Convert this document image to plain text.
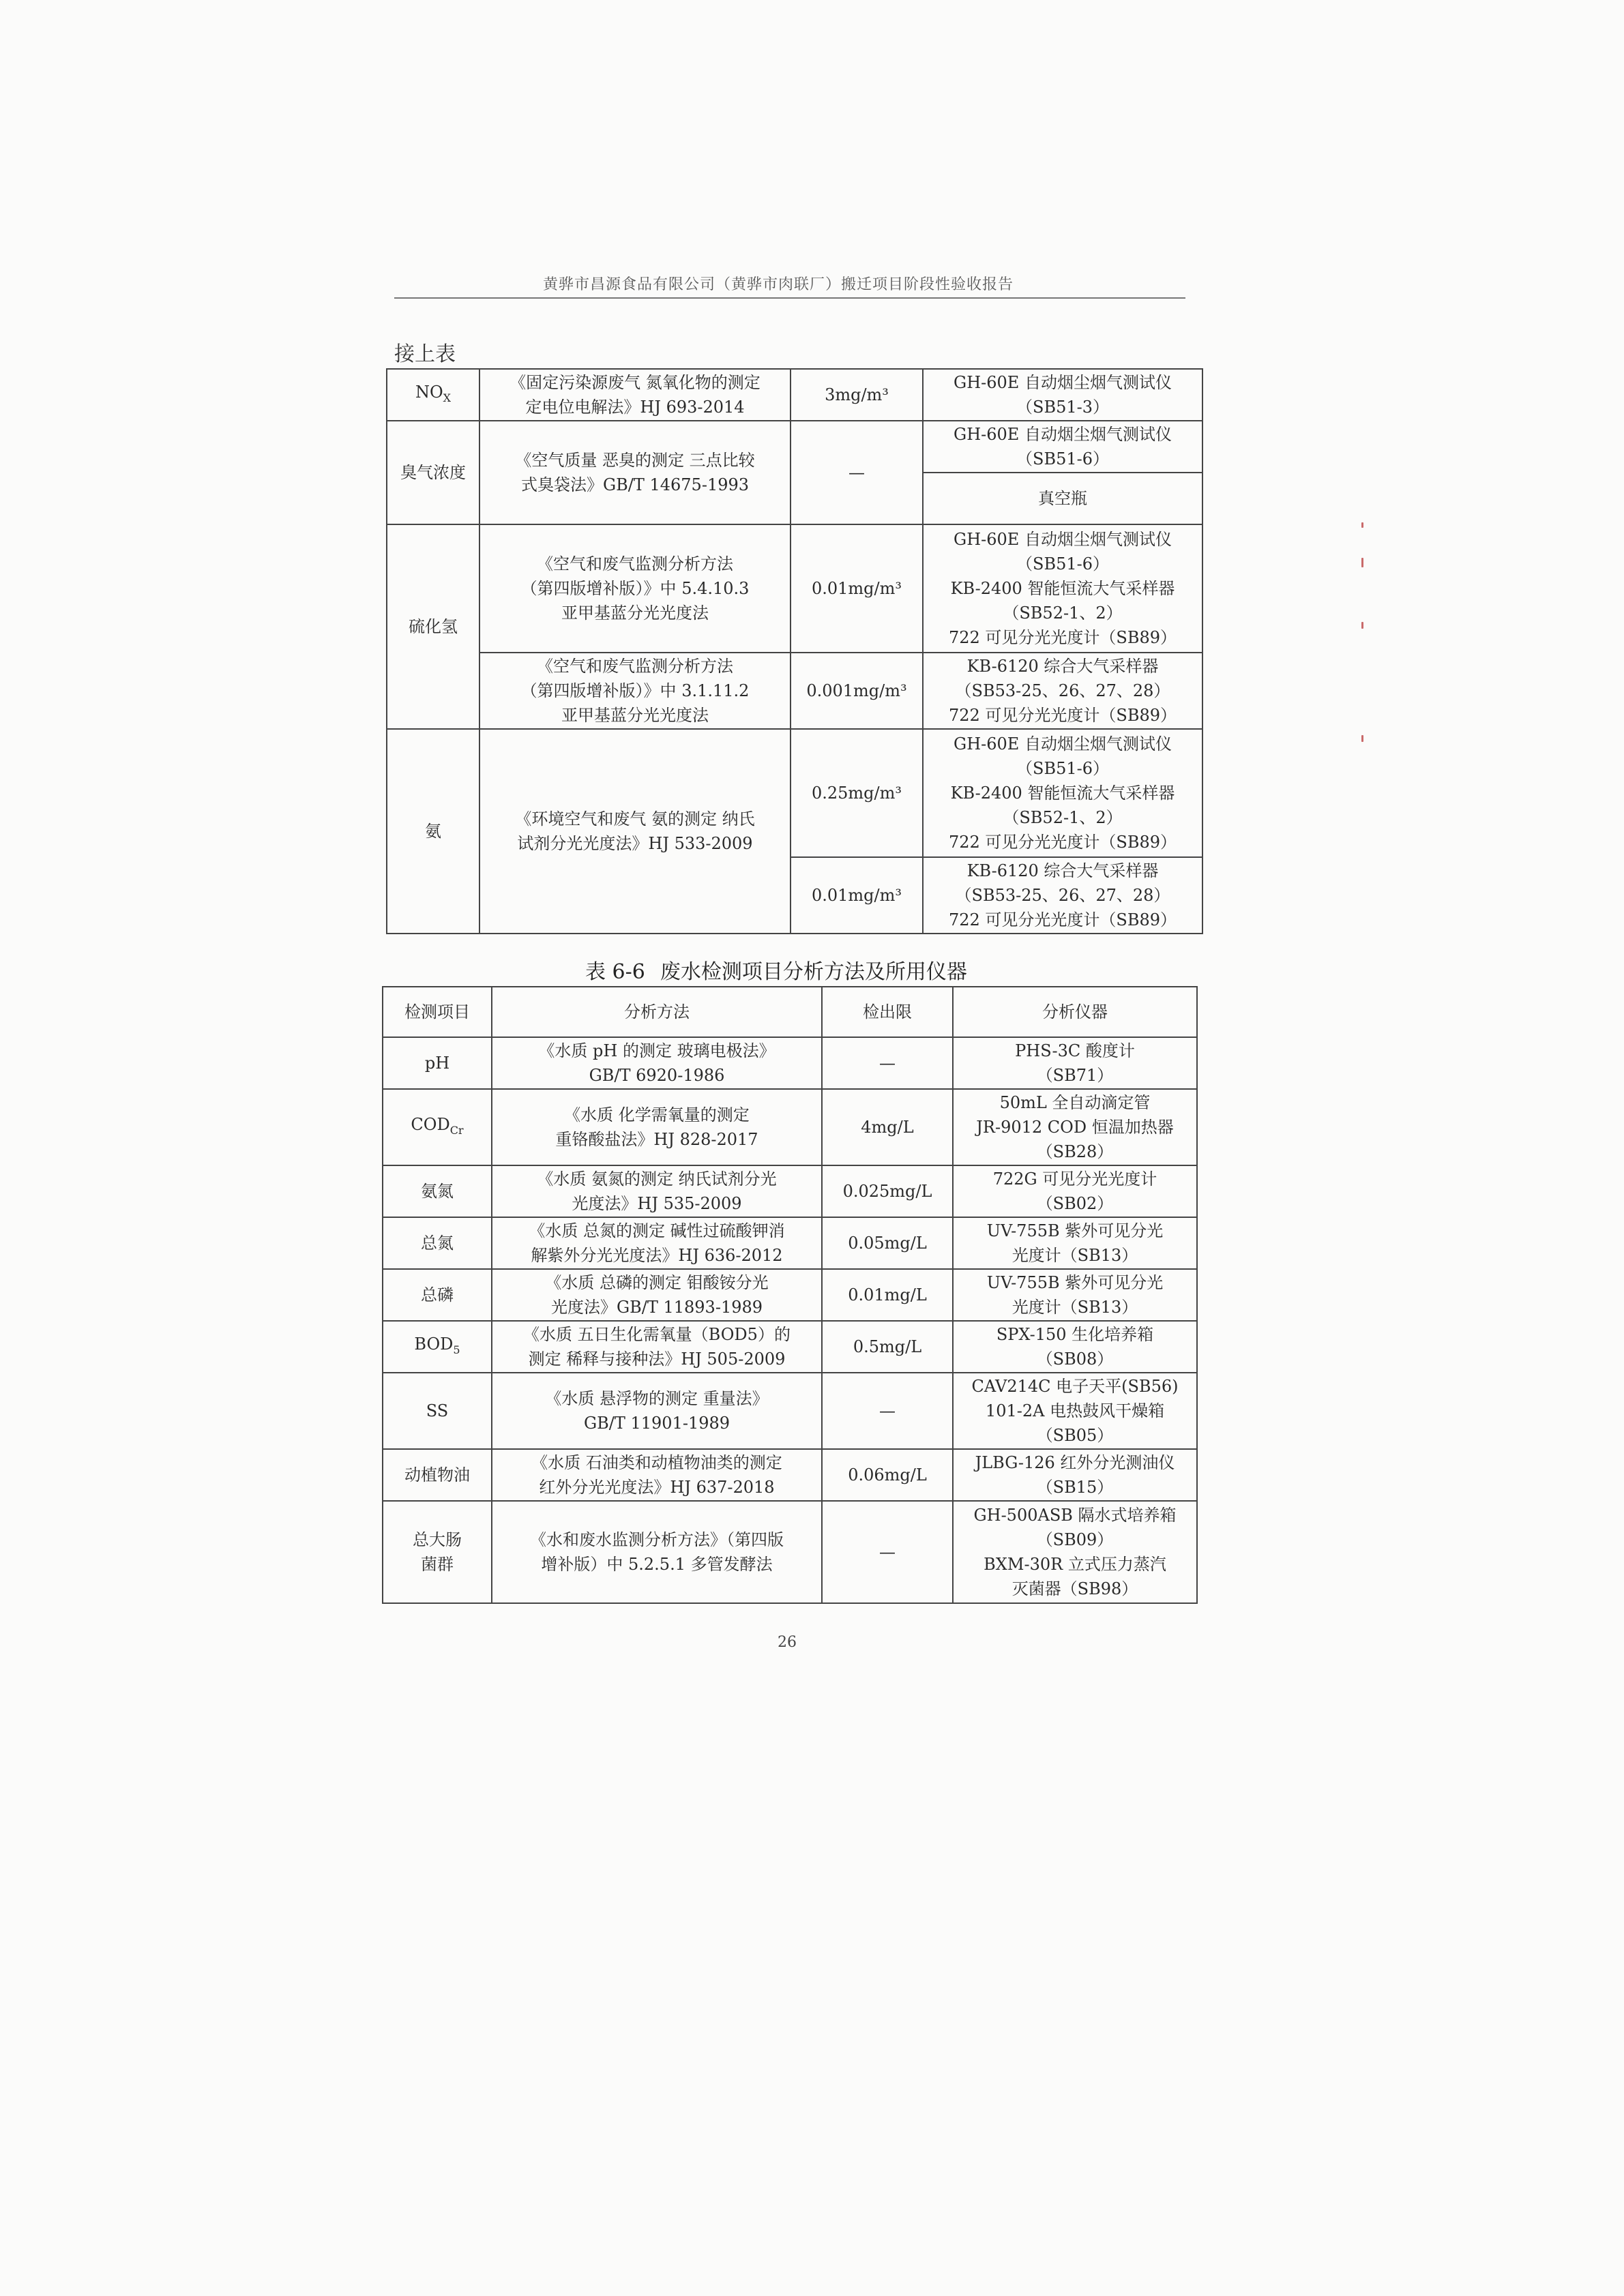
黄骅市昌源食品有限公司（黄骅市肉联厂）搬迁项目阶段性验收报告
接上表
$NO_X$	《固定污染源废气 氮氧化物的测定
定电位电解法》HJ 693-2014	3mg/m³	GH-60E 自动烟尘烟气测试仪
（SB51-3）
臭气浓度	《空气质量 恶臭的测定 三点比较
式臭袋法》GB/T 14675-1993	—	GH-60E 自动烟尘烟气测试仪
（SB51-6）
			真空瓶
硫化氢	《空气和废气监测分析方法
（第四版增补版）》中 5.4.10.3
亚甲基蓝分光光度法	0.01mg/m³	GH-60E 自动烟尘烟气测试仪
（SB51-6）
KB-2400 智能恒流大气采样器
（SB52-1、2）
722 可见分光光度计（SB89）
	《空气和废气监测分析方法
（第四版增补版）》中 3.1.11.2
亚甲基蓝分光光度法	0.001mg/m³	KB-6120 综合大气采样器
（SB53-25、26、27、28）
722 可见分光光度计（SB89）
氨	《环境空气和废气 氨的测定 纳氏
试剂分光光度法》HJ 533-2009	0.25mg/m³	GH-60E 自动烟尘烟气测试仪
（SB51-6）
KB-2400 智能恒流大气采样器
（SB52-1、2）
722 可见分光光度计（SB89）
		0.01mg/m³	KB-6120 综合大气采样器
（SB53-25、26、27、28）
722 可见分光光度计（SB89）
表 6-6 废水检测项目分析方法及所用仪器
检测项目	分析方法	检出限	分析仪器
pH	《水质 pH 的测定 玻璃电极法》
GB/T 6920-1986	—	PHS-3C 酸度计
（SB71）
$COD_{Cr}$	《水质 化学需氧量的测定
重铬酸盐法》HJ 828-2017	4mg/L	50mL 全自动滴定管
JR-9012 COD 恒温加热器
（SB28）
氨氮	《水质 氨氮的测定 纳氏试剂分光
光度法》HJ 535-2009	0.025mg/L	722G 可见分光光度计
（SB02）
总氮	《水质 总氮的测定 碱性过硫酸钾消
解紫外分光光度法》HJ 636-2012	0.05mg/L	UV-755B 紫外可见分光
光度计（SB13）
总磷	《水质 总磷的测定 钼酸铵分光
光度法》GB/T 11893-1989	0.01mg/L	UV-755B 紫外可见分光
光度计（SB13）
$BOD_5$	《水质 五日生化需氧量（BOD5）的
测定 稀释与接种法》HJ 505-2009	0.5mg/L	SPX-150 生化培养箱
（SB08）
SS	《水质 悬浮物的测定 重量法》
GB/T 11901-1989	—	CAV214C 电子天平(SB56)
101-2A 电热鼓风干燥箱
（SB05）
动植物油	《水质 石油类和动植物油类的测定
红外分光光度法》HJ 637-2018	0.06mg/L	JLBG-126 红外分光测油仪
（SB15）
总大肠
菌群	《水和废水监测分析方法》（第四版
增补版）中 5.2.5.1 多管发酵法	—	GH-500ASB 隔水式培养箱
（SB09）
BXM-30R 立式压力蒸汽
灭菌器（SB98）
26
